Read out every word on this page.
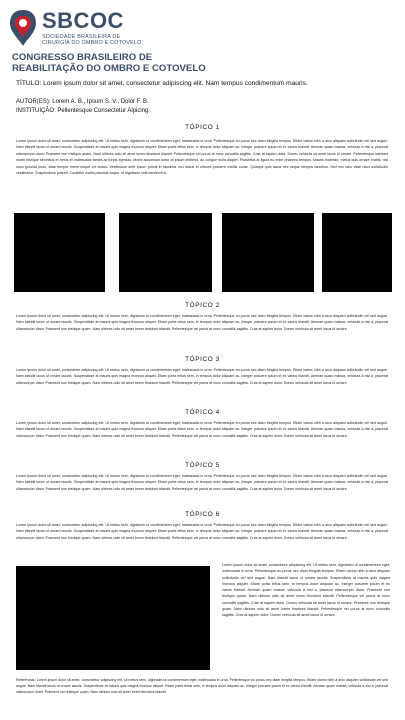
SBCOC
SOCIEDADE BRASILEIRA DE
CIRURGIA DO OMBRO E COTOVELO
CONGRESSO BRASILEIRO DE
REABILITAÇÃO DO OMBRO E COTOVELO
TÍTULO: Lorem ipsum dolor sit amet, consectetur adipiscing elit. Nam tempus condimentum mauris.
AUTOR(ES): Lorem A. B., Ipsum S. V., Dolor F. B.
INSTITUIÇÃO: Pellentesque Consectetur Alpicing
TÓPICO 1

Lorem ipsum dolor sit amet, consectetur adipiscing elit. Ut metus sem, dignissim ut condimentum eget, malesuada in urna. Pellentesque eu purus nec diam fringilla tempus. Etiam varius nibh a arcu aliquam sollicitudin vel sed augue. Nam blandit lacus ut ornare iaculis. Suspendisse at mauris quis magna rhoncus aliquet. Etiam porta tellus sem, in tempus dolor aliquam ac. Integer posuere ipsum et ex varius blandit. Aenean quam massa, vehicula a nisl a, placerat ullamcorper diam. Praesent non tristique quam. Nam ultrices odio sit amet lorem tincidunt blandit. Pellentesque vel purus at nunc convallis sagittis. Cras at sapien dolor. Donec vehicula sit amet lacus id ornare. Pellentesque habitant morbi tristique senectus et netus et malesuada fames ac turpis egestas. Morbi accumsan tortor at ipsum eleifend, ac congue nulla aliquet. Phasellus at ligula eu enim pharetra tempus. Mauris molestie, metus quis ornare mattis, nisl nunc gravida justo, vitae tempor lorem neque vel lectus. Vestibulum ante ipsum primis in faucibus orci luctus et ultrices posuere cubilia curae. Quisque quis lacus nec neque tempus faucibus. Sed nec odio vitae risus sollicitudin vestibulum. Suspendisse potenti. Curabitur mollis placerat neque, id dignissim velit hendrerit in.

TÓPICO 2

Lorem ipsum dolor sit amet, consectetur adipiscing elit. Ut metus sem, dignissim ut condimentum eget, malesuada in urna. Pellentesque eu purus nec diam fringilla tempus. Etiam varius nibh a arcu aliquam sollicitudin vel sed augue. Nam blandit lacus ut ornare iaculis. Suspendisse at mauris quis magna rhoncus aliquet. Etiam porta tellus sem, in tempus dolor aliquam ac. Integer posuere ipsum et ex varius blandit. Aenean quam massa, vehicula a nisl a, placerat ullamcorper diam. Praesent non tristique quam. Nam ultrices odio sit amet lorem tincidunt blandit. Pellentesque vel purus at nunc convallis sagittis. Cras at sapien dolor. Donec vehicula sit amet lacus id ornare.

TÓPICO 3

Lorem ipsum dolor sit amet, consectetur adipiscing elit. Ut metus sem, dignissim ut condimentum eget, malesuada in urna. Pellentesque eu purus nec diam fringilla tempus. Etiam varius nibh a arcu aliquam sollicitudin vel sed augue. Nam blandit lacus ut ornare iaculis. Suspendisse at mauris quis magna rhoncus aliquet. Etiam porta tellus sem, in tempus dolor aliquam ac. Integer posuere ipsum et ex varius blandit. Aenean quam massa, vehicula a nisl a, placerat ullamcorper diam. Praesent non tristique quam. Nam ultrices odio sit amet lorem tincidunt blandit. Pellentesque vel purus at nunc convallis sagittis. Cras at sapien dolor. Donec vehicula sit amet lacus id ornare.

TÓPICO 4

Lorem ipsum dolor sit amet, consectetur adipiscing elit. Ut metus sem, dignissim ut condimentum eget, malesuada in urna. Pellentesque eu purus nec diam fringilla tempus. Etiam varius nibh a arcu aliquam sollicitudin vel sed augue. Nam blandit lacus ut ornare iaculis. Suspendisse at mauris quis magna rhoncus aliquet. Etiam porta tellus sem, in tempus dolor aliquam ac. Integer posuere ipsum et ex varius blandit. Aenean quam massa, vehicula a nisl a, placerat ullamcorper diam. Praesent non tristique quam. Nam ultrices odio sit amet lorem tincidunt blandit. Pellentesque vel purus at nunc convallis sagittis. Cras at sapien dolor. Donec vehicula sit amet lacus id ornare.

TÓPICO 5

Lorem ipsum dolor sit amet, consectetur adipiscing elit. Ut metus sem, dignissim ut condimentum eget, malesuada in urna. Pellentesque eu purus nec diam fringilla tempus. Etiam varius nibh a arcu aliquam sollicitudin vel sed augue. Nam blandit lacus ut ornare iaculis. Suspendisse at mauris quis magna rhoncus aliquet. Etiam porta tellus sem, in tempus dolor aliquam ac. Integer posuere ipsum et ex varius blandit. Aenean quam massa, vehicula a nisl a, placerat ullamcorper diam. Praesent non tristique quam. Nam ultrices odio sit amet lorem tincidunt blandit. Pellentesque vel purus at nunc convallis sagittis. Cras at sapien dolor. Donec vehicula sit amet lacus id ornare.

TÓPICO 6

Lorem ipsum dolor sit amet, consectetur adipiscing elit. Ut metus sem, dignissim ut condimentum eget, malesuada in urna. Pellentesque eu purus nec diam fringilla tempus. Etiam varius nibh a arcu aliquam sollicitudin vel sed augue. Nam blandit lacus ut ornare iaculis. Suspendisse at mauris quis magna rhoncus aliquet. Etiam porta tellus sem, in tempus dolor aliquam ac. Integer posuere ipsum et ex varius blandit. Aenean quam massa, vehicula a nisl a, placerat ullamcorper diam. Praesent non tristique quam. Nam ultrices odio sit amet lorem tincidunt blandit. Pellentesque vel purus at nunc convallis sagittis. Cras at sapien dolor. Donec vehicula sit amet lacus id ornare.

Lorem ipsum dolor sit amet, consectetur adipiscing elit. Ut metus sem, dignissim ut condimentum eget, malesuada in urna. Pellentesque eu purus nec diam fringilla tempus. Etiam varius nibh a arcu aliquam sollicitudin vel sed augue. Nam blandit lacus ut ornare iaculis. Suspendisse at mauris quis magna rhoncus aliquet. Etiam porta tellus sem, in tempus dolor aliquam ac. Integer posuere ipsum et ex varius blandit. Aenean quam massa, vehicula a nisl a, placerat ullamcorper diam. Praesent non tristique quam. Nam ultrices odio sit amet lorem tincidunt blandit. Pellentesque vel purus at nunc convallis sagittis. Cras at sapien dolor. Donec vehicula sit amet lacus id ornare. Praesent non tristique quam. Nam ultrices odio sit amet lorem tincidunt blandit. Pellentesque vel purus at nunc convallis sagittis. Cras at sapien dolor. Donec vehicula sit amet lacus id ornare.

Referências: Lorem ipsum dolor sit amet, consectetur adipiscing elit. Ut metus sem, dignissim ut condimentum eget, malesuada in urna. Pellentesque eu purus nec diam fringilla tempus. Etiam varius nibh a arcu aliquam sollicitudin vel sed augue. Nam blandit lacus ut ornare iaculis. Suspendisse at mauris quis magna rhoncus aliquet. Etiam porta tellus sem, in tempus dolor aliquam ac. Integer posuere ipsum et ex varius blandit. Aenean quam massa, vehicula a nisl a, placerat ullamcorper diam. Praesent non tristique quam. Nam ultrices odio sit amet lorem tincidunt blandit.
